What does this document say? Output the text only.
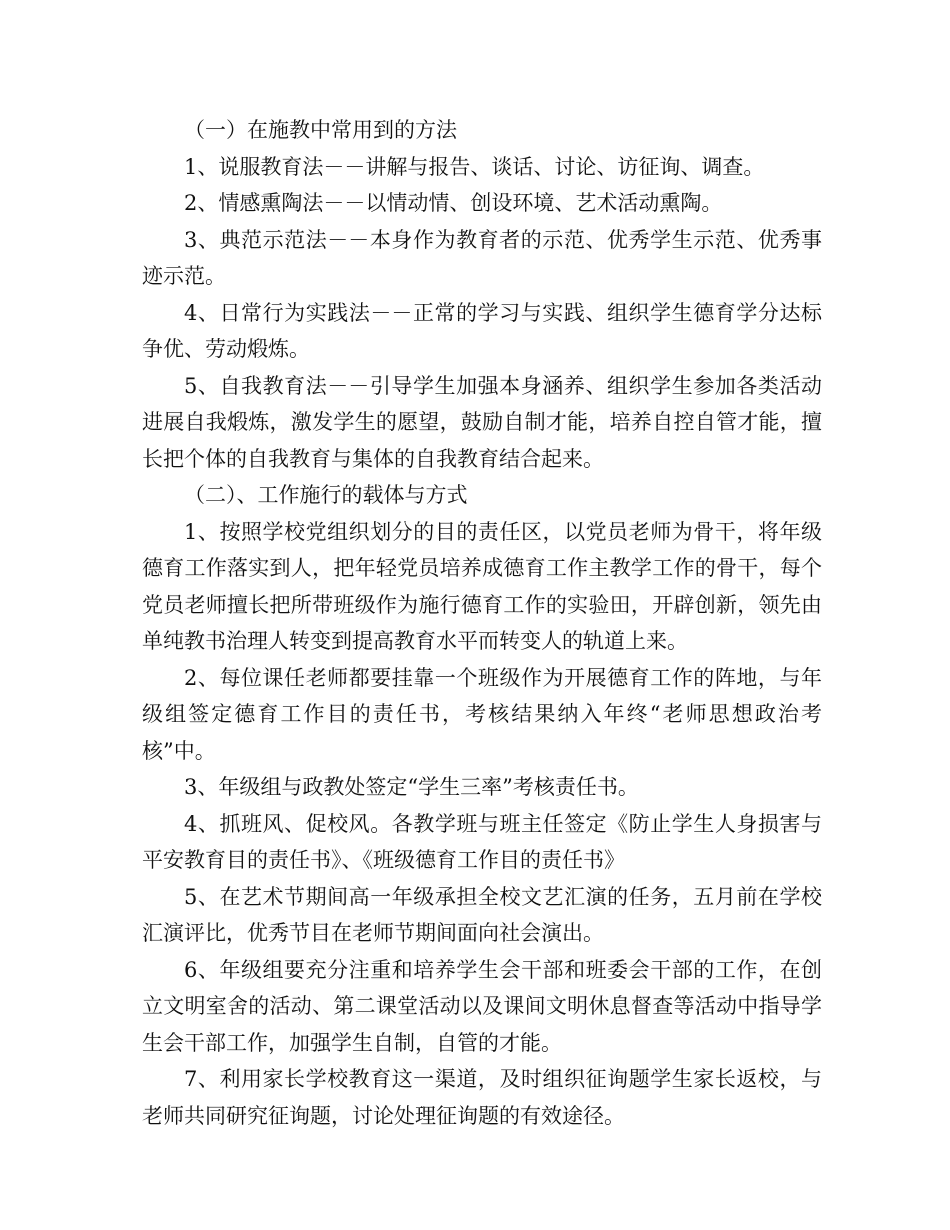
（一）在施教中常用到的方法

1、说服教育法－－讲解与报告、谈话、讨论、访征询、调查。

2、情感熏陶法－－以情动情、创设环境、艺术活动熏陶。

3、典范示范法－－本身作为教育者的示范、优秀学生示范、优秀事迹示范。

4、日常行为实践法－－正常的学习与实践、组织学生德育学分达标争优、劳动煅炼。

5、自我教育法－－引导学生加强本身涵养、组织学生参加各类活动进展自我煅炼，激发学生的愿望，鼓励自制才能，培养自控自管才能，擅长把个体的自我教育与集体的自我教育结合起来。

（二）、工作施行的载体与方式

1、按照学校党组织划分的目的责任区，以党员老师为骨干，将年级德育工作落实到人，把年轻党员培养成德育工作主教学工作的骨干，每个党员老师擅长把所带班级作为施行德育工作的实验田，开辟创新，领先由单纯教书治理人转变到提高教育水平而转变人的轨道上来。

2、每位课任老师都要挂靠一个班级作为开展德育工作的阵地，与年级组签定德育工作目的责任书，考核结果纳入年终“老师思想政治考核”中。

3、年级组与政教处签定“学生三率”考核责任书。

4、抓班风、促校风。各教学班与班主任签定《防止学生人身损害与平安教育目的责任书》、《班级德育工作目的责任书》

5、在艺术节期间高一年级承担全校文艺汇演的任务，五月前在学校汇演评比，优秀节目在老师节期间面向社会演出。

6、年级组要充分注重和培养学生会干部和班委会干部的工作，在创立文明室舍的活动、第二课堂活动以及课间文明休息督查等活动中指导学生会干部工作，加强学生自制，自管的才能。

7、利用家长学校教育这一渠道，及时组织征询题学生家长返校，与老师共同研究征询题，讨论处理征询题的有效途径。
